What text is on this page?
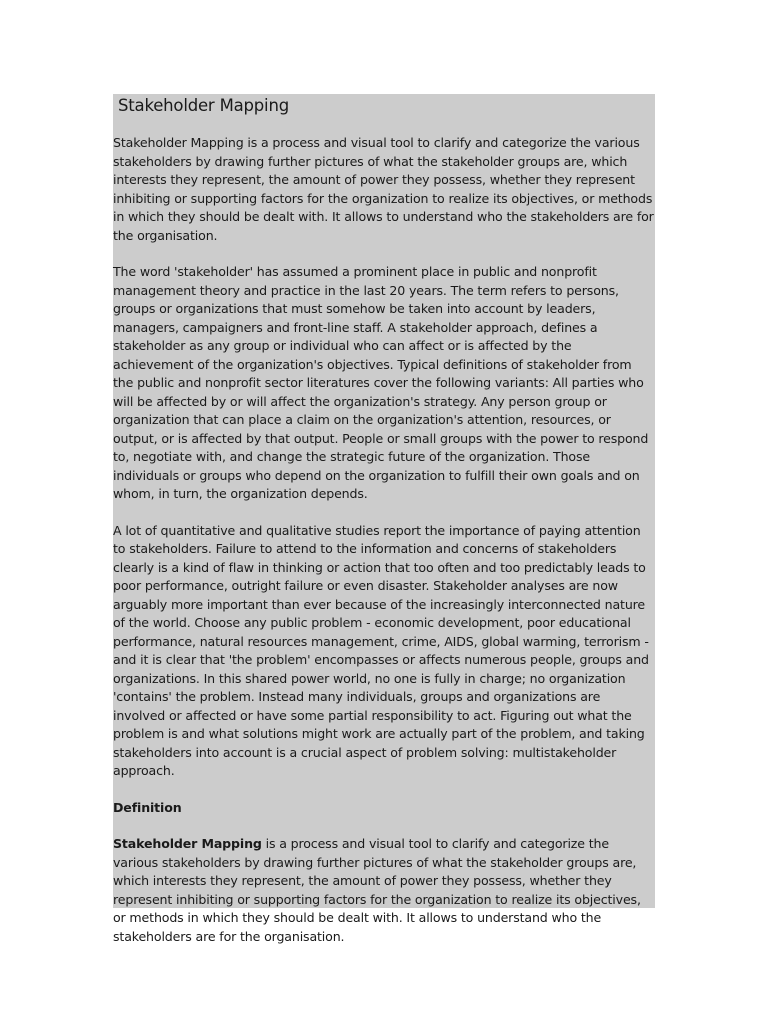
Stakeholder Mapping

Stakeholder Mapping is a process and visual tool to clarify and categorize the various stakeholders by drawing further pictures of what the stakeholder groups are, which interests they represent, the amount of power they possess, whether they represent inhibiting or supporting factors for the organization to realize its objectives, or methods in which they should be dealt with. It allows to understand who the stakeholders are for the organisation.

The word 'stakeholder' has assumed a prominent place in public and nonprofit management theory and practice in the last 20 years. The term refers to persons, groups or organizations that must somehow be taken into account by leaders, managers, campaigners and front-line staff. A stakeholder approach, defines a stakeholder as any group or individual who can affect or is affected by the achievement of the organization's objectives. Typical definitions of stakeholder from the public and nonprofit sector literatures cover the following variants: All parties who will be affected by or will affect the organization's strategy. Any person group or organization that can place a claim on the organization's attention, resources, or output, or is affected by that output. People or small groups with the power to respond to, negotiate with, and change the strategic future of the organization. Those individuals or groups who depend on the organization to fulfill their own goals and on whom, in turn, the organization depends.

A lot of quantitative and qualitative studies report the importance of paying attention to stakeholders. Failure to attend to the information and concerns of stakeholders clearly is a kind of flaw in thinking or action that too often and too predictably leads to poor performance, outright failure or even disaster. Stakeholder analyses are now arguably more important than ever because of the increasingly interconnected nature of the world. Choose any public problem - economic development, poor educational performance, natural resources management, crime, AIDS, global warming, terrorism - and it is clear that 'the problem' encompasses or affects numerous people, groups and organizations. In this shared power world, no one is fully in charge; no organization 'contains' the problem. Instead many individuals, groups and organizations are involved or affected or have some partial responsibility to act. Figuring out what the problem is and what solutions might work are actually part of the problem, and taking stakeholders into account is a crucial aspect of problem solving: multistakeholder approach.

Definition

Stakeholder Mapping is a process and visual tool to clarify and categorize the various stakeholders by drawing further pictures of what the stakeholder groups are, which interests they represent, the amount of power they possess, whether they represent inhibiting or supporting factors for the organization to realize its objectives, or methods in which they should be dealt with. It allows to understand who the stakeholders are for the organisation.
